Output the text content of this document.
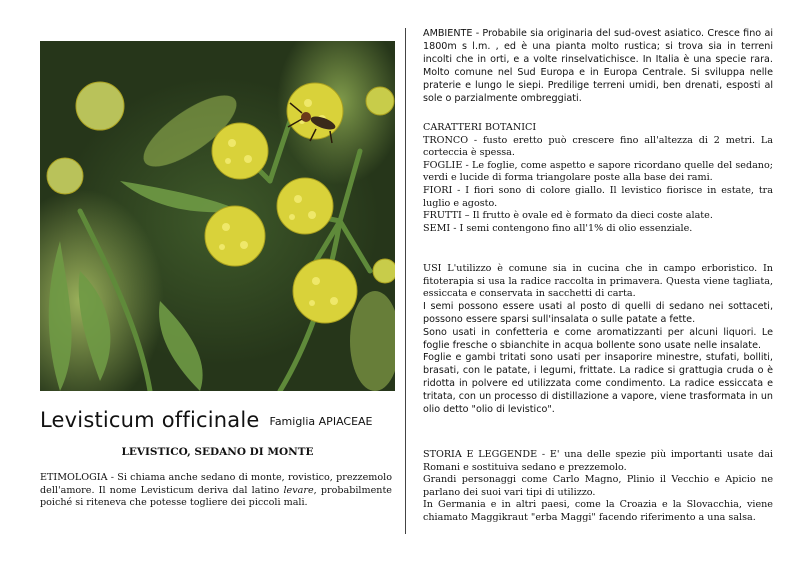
Levisticum officinale Famiglia APIACEAE
LEVISTICO, SEDANO DI MONTE

ETIMOLOGIA - Si chiama anche sedano di monte, rovistico, prezzemolo dell'amore. Il nome Levisticum deriva dal latino levare, probabilmente poiché si riteneva che potesse togliere dei piccoli mali.

AMBIENTE - Probabile sia originaria del sud-ovest asiatico. Cresce fino ai 1800m s l.m. , ed è una pianta molto rustica; si trova sia in terreni incolti che in orti, e a volte rinselvatichisce. In Italia è una specie rara. Molto comune nel Sud Europa e in Europa Centrale. Si sviluppa nelle praterie e lungo le siepi. Predilige terreni umidi, ben drenati, esposti al sole o parzialmente ombreggiati.

CARATTERI BOTANICI

TRONCO - fusto eretto può crescere fino all'altezza di 2 metri. La corteccia è spessa.

FOGLIE - Le foglie, come aspetto e sapore ricordano quelle del sedano; verdi e lucide di forma triangolare poste alla base dei rami.

FIORI - I fiori sono di colore giallo. Il levistico fiorisce in estate, tra luglio e agosto.

FRUTTI – Il frutto è ovale ed è formato da dieci coste alate.

SEMI - I semi contengono fino all'1% di olio essenziale.

USI L'utilizzo è comune sia in cucina che in campo erboristico. In fitoterapia si usa la radice raccolta in primavera. Questa viene tagliata, essiccata e conservata in sacchetti di carta.

I semi possono essere usati al posto di quelli di sedano nei sottaceti, possono essere sparsi sull'insalata o sulle patate a fette.

Sono usati in confetteria e come aromatizzanti per alcuni liquori. Le foglie fresche o sbianchite in acqua bollente sono usate nelle insalate.

Foglie e gambi tritati sono usati per insaporire minestre, stufati, bolliti, brasati, con le patate, i legumi, frittate. La radice si grattugia cruda o è ridotta in polvere ed utilizzata come condimento. La radice essiccata e tritata, con un processo di distillazione a vapore, viene trasformata in un olio detto "olio di levistico".

STORIA E LEGGENDE - E' una delle spezie più importanti usate dai Romani e sostituiva sedano e prezzemolo.

Grandi personaggi come Carlo Magno, Plinio il Vecchio e Apicio ne parlano dei suoi vari tipi di utilizzo.

In Germania e in altri paesi, come la Croazia e la Slovacchia, viene chiamato Maggikraut "erba Maggi" facendo riferimento a una salsa.
